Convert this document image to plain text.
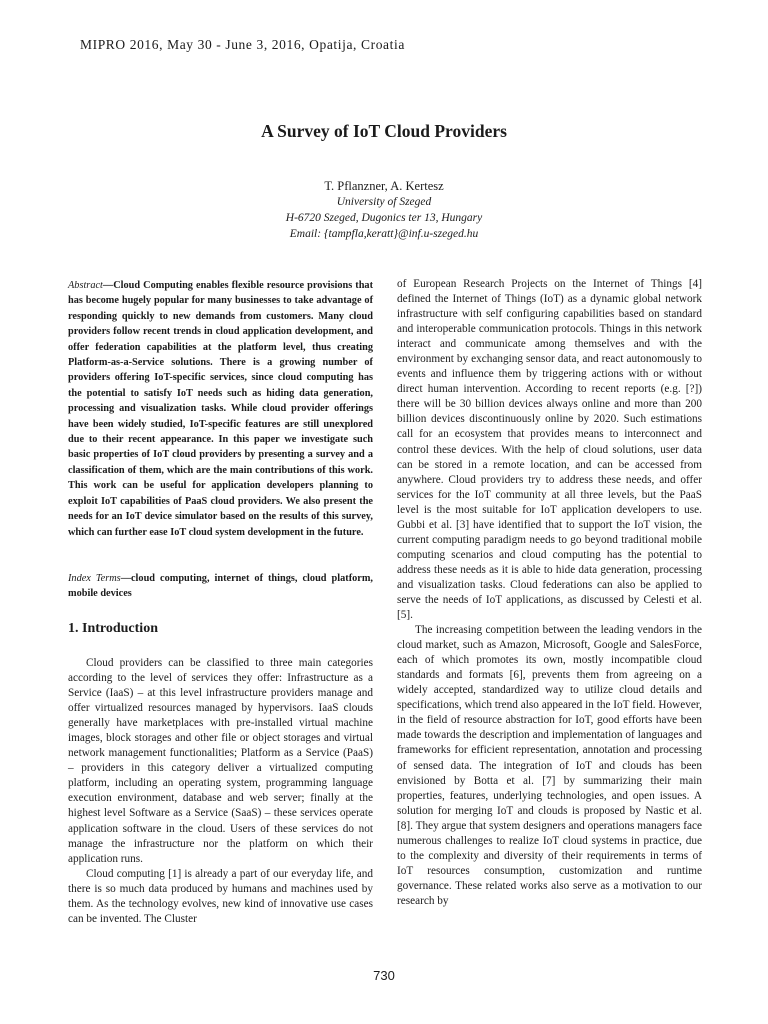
MIPRO 2016, May 30 - June 3, 2016, Opatija, Croatia
A Survey of IoT Cloud Providers
T. Pflanzner, A. Kertesz
University of Szeged
H-6720 Szeged, Dugonics ter 13, Hungary
Email: {tampfla,keratt}@inf.u-szeged.hu
Abstract—Cloud Computing enables flexible resource provisions that has become hugely popular for many businesses to take advantage of responding quickly to new demands from customers. Many cloud providers follow recent trends in cloud application development, and offer federation capabilities at the platform level, thus creating Platform-as-a-Service solutions. There is a growing number of providers offering IoT-specific services, since cloud computing has the potential to satisfy IoT needs such as hiding data generation, processing and visualization tasks. While cloud provider offerings have been widely studied, IoT-specific features are still unexplored due to their recent appearance. In this paper we investigate such basic properties of IoT cloud providers by presenting a survey and a classification of them, which are the main contributions of this work. This work can be useful for application developers planning to exploit IoT capabilities of PaaS cloud providers. We also present the needs for an IoT device simulator based on the results of this survey, which can further ease IoT cloud system development in the future.
Index Terms—cloud computing, internet of things, cloud platform, mobile devices
1. Introduction

Cloud providers can be classified to three main categories according to the level of services they offer: Infrastructure as a Service (IaaS) – at this level infrastructure providers manage and offer virtualized resources managed by hypervisors. IaaS clouds generally have marketplaces with pre-installed virtual machine images, block storages and other file or object storages and virtual network management functionalities; Platform as a Service (PaaS) – providers in this category deliver a virtualized computing platform, including an operating system, programming language execution environment, database and web server; finally at the highest level Software as a Service (SaaS) – these services operate application software in the cloud. Users of these services do not manage the infrastructure nor the platform on which their application runs.

Cloud computing [1] is already a part of our everyday life, and there is so much data produced by humans and machines used by them. As the technology evolves, new kind of innovative use cases can be invented. The Cluster

of European Research Projects on the Internet of Things [4] defined the Internet of Things (IoT) as a dynamic global network infrastructure with self configuring capabilities based on standard and interoperable communication protocols. Things in this network interact and communicate among themselves and with the environment by exchanging sensor data, and react autonomously to events and influence them by triggering actions with or without direct human intervention. According to recent reports (e.g. [?]) there will be 30 billion devices always online and more than 200 billion devices discontinuously online by 2020. Such estimations call for an ecosystem that provides means to interconnect and control these devices. With the help of cloud solutions, user data can be stored in a remote location, and can be accessed from anywhere. Cloud providers try to address these needs, and offer services for the IoT community at all three levels, but the PaaS level is the most suitable for IoT application developers to use. Gubbi et al. [3] have identified that to support the IoT vision, the current computing paradigm needs to go beyond traditional mobile computing scenarios and cloud computing has the potential to address these needs as it is able to hide data generation, processing and visualization tasks. Cloud federations can also be applied to serve the needs of IoT applications, as discussed by Celesti et al. [5].

The increasing competition between the leading vendors in the cloud market, such as Amazon, Microsoft, Google and SalesForce, each of which promotes its own, mostly incompatible cloud standards and formats [6], prevents them from agreeing on a widely accepted, standardized way to utilize cloud details and specifications, which trend also appeared in the IoT field. However, in the field of resource abstraction for IoT, good efforts have been made towards the description and implementation of languages and frameworks for efficient representation, annotation and processing of sensed data. The integration of IoT and clouds has been envisioned by Botta et al. [7] by summarizing their main properties, features, underlying technologies, and open issues. A solution for merging IoT and clouds is proposed by Nastic et al. [8]. They argue that system designers and operations managers face numerous challenges to realize IoT cloud systems in practice, due to the complexity and diversity of their requirements in terms of IoT resources consumption, customization and runtime governance. These related works also serve as a motivation to our research by

730
